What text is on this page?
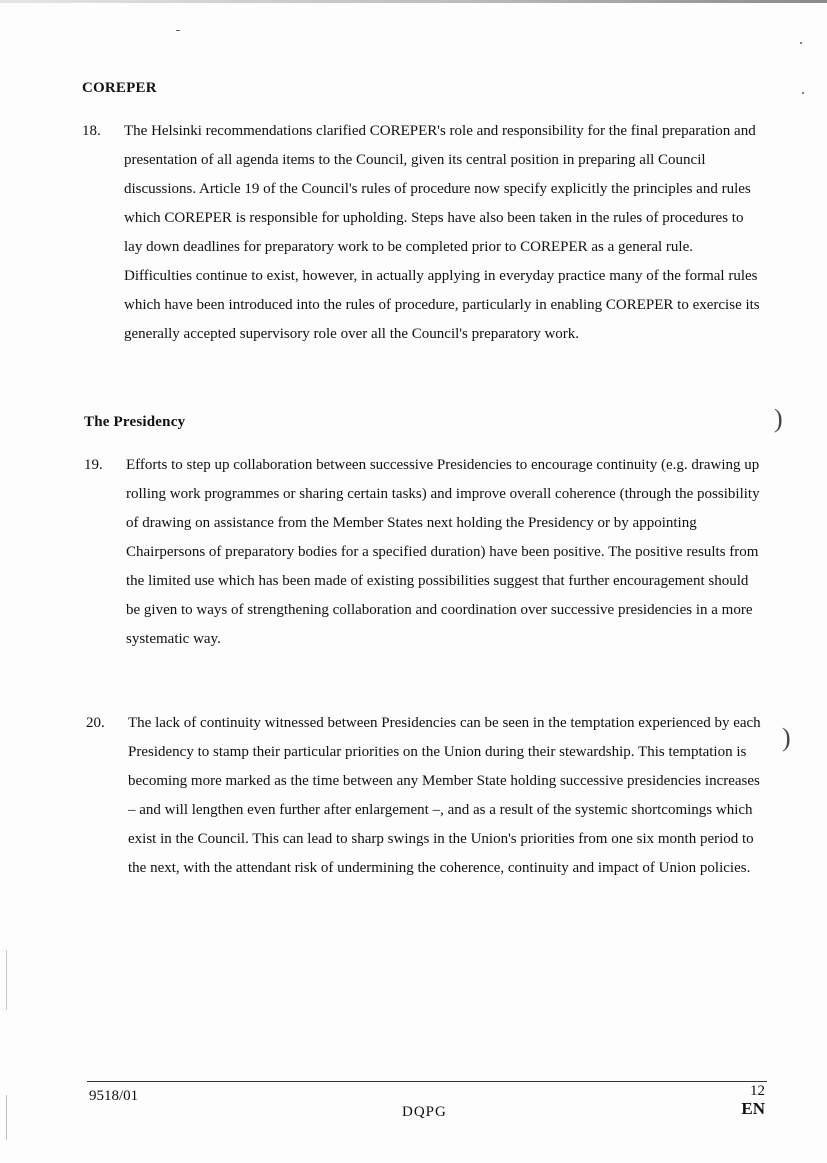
)
)
COREPER
18. The Helsinki recommendations clarified COREPER's role and responsibility for the final preparation and presentation of all agenda items to the Council, given its central position in preparing all Council discussions. Article 19 of the Council's rules of procedure now specify explicitly the principles and rules which COREPER is responsible for upholding. Steps have also been taken in the rules of procedures to lay down deadlines for preparatory work to be completed prior to COREPER as a general rule. Difficulties continue to exist, however, in actually applying in everyday practice many of the formal rules which have been introduced into the rules of procedure, particularly in enabling COREPER to exercise its generally accepted supervisory role over all the Council's preparatory work.
The Presidency
19. Efforts to step up collaboration between successive Presidencies to encourage continuity (e.g. drawing up rolling work programmes or sharing certain tasks) and improve overall coherence (through the possibility of drawing on assistance from the Member States next holding the Presidency or by appointing Chairpersons of preparatory bodies for a specified duration) have been positive. The positive results from the limited use which has been made of existing possibilities suggest that further encouragement should be given to ways of strengthening collaboration and coordination over successive presidencies in a more systematic way.
20. The lack of continuity witnessed between Presidencies can be seen in the temptation experienced by each Presidency to stamp their particular priorities on the Union during their stewardship. This temptation is becoming more marked as the time between any Member State holding successive presidencies increases – and will lengthen even further after enlargement –, and as a result of the systemic shortcomings which exist in the Council. This can lead to sharp swings in the Union's priorities from one six month period to the next, with the attendant risk of undermining the coherence, continuity and impact of Union policies.
9518/01
DQPG
12
EN
